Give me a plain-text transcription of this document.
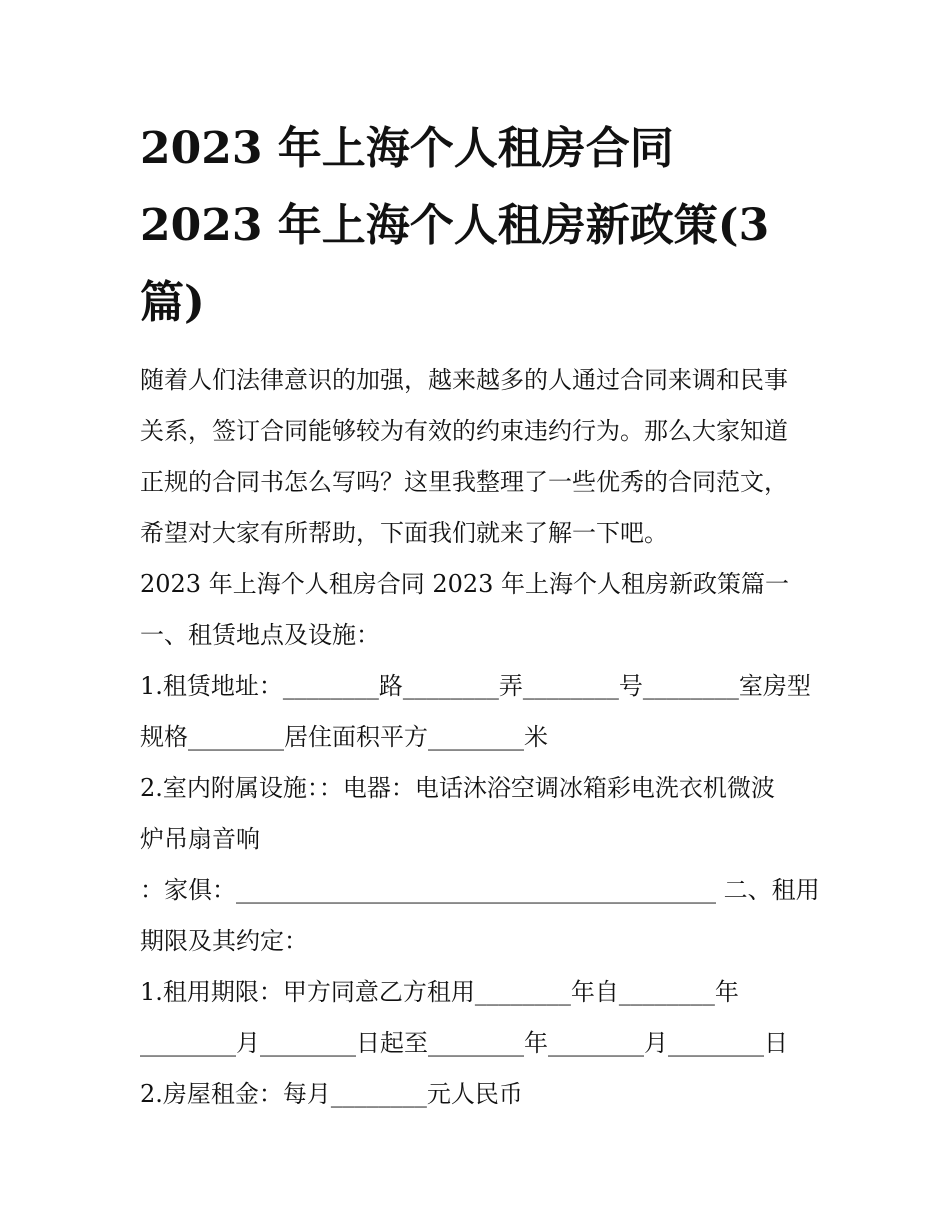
2023 年上海个人租房合同
2023 年上海个人租房新政策(3
篇)
随着人们法律意识的加强，越来越多的人通过合同来调和民事
关系，签订合同能够较为有效的约束违约行为。那么大家知道
正规的合同书怎么写吗？这里我整理了一些优秀的合同范文，
希望对大家有所帮助，下面我们就来了解一下吧。
2023 年上海个人租房合同 2023 年上海个人租房新政策篇一
一、租赁地点及设施：
1.租赁地址：________路________弄________号________室房型
规格________居住面积平方________米
2.室内附属设施：：电器：电话沐浴空调冰箱彩电洗衣机微波
炉吊扇音响
：家俱：________________________________________ 二、租用
期限及其约定：
1.租用期限：甲方同意乙方租用________年自________年
________月________日起至________年________月________日
2.房屋租金：每月________元人民币
